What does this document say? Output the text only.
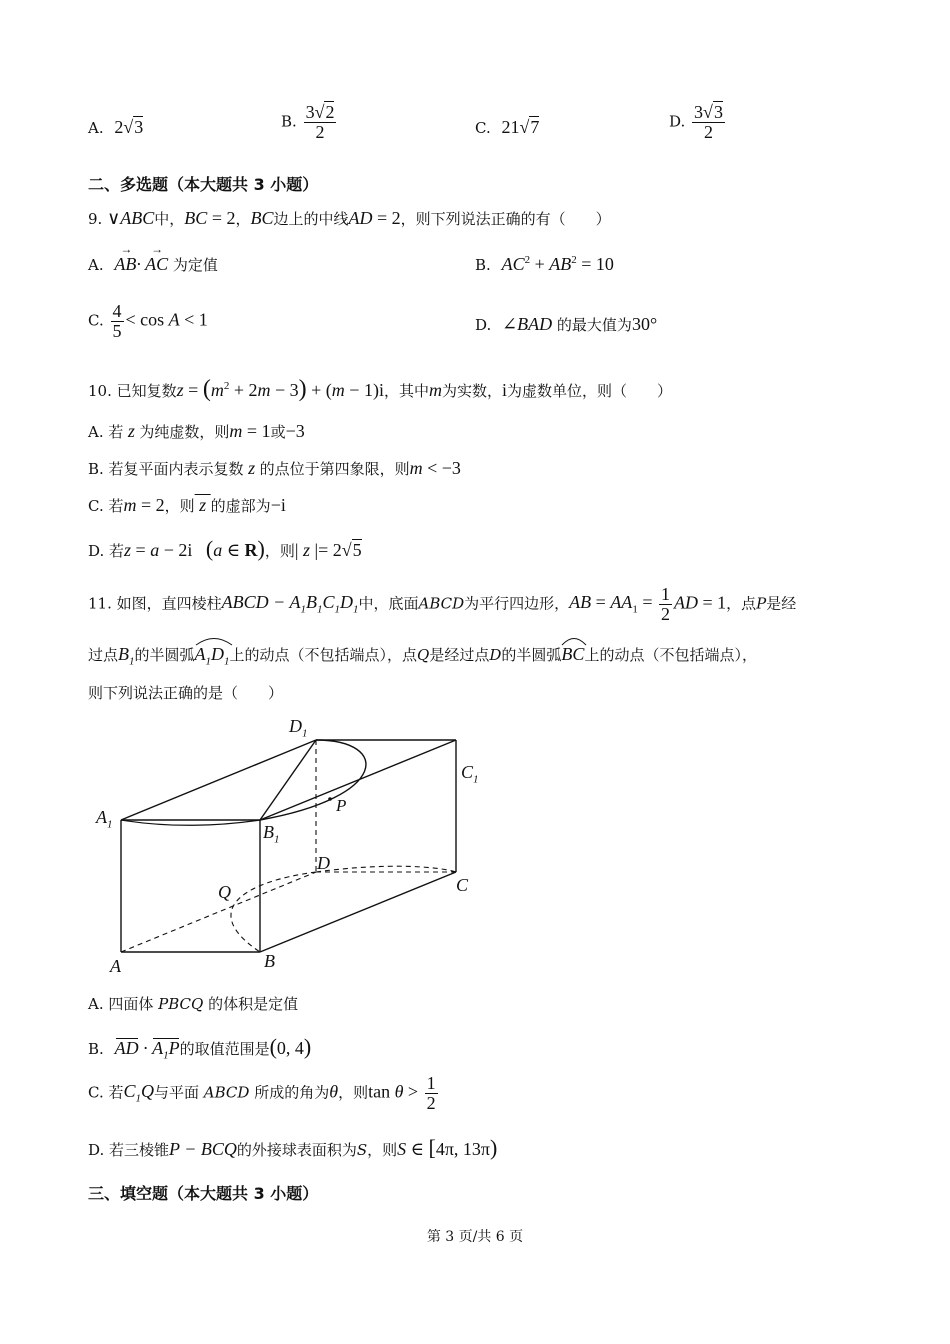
A. 2√3	B. $\frac{3√2}{2}$	C. 21√7	D. $\frac{3√3}{2}$
二、多选题（本大题共 3 小题）
9. ∨ABC中，BC = 2，BC边上的中线AD = 2，则下列说法正确的有（　　）
A. AB
→
· AC
→
为定值	B. $AC^2 + AB^2 = 10$
C. $\frac{4}{5} < \cos A < 1$	D. ∠BAD 的最大值为30°
10. 已知复数$z = (m^2 + 2m - 3) + (m - 1)i$，其中m为实数，i为虚数单位，则（　　）
A. 若 z 为纯虚数，则m = 1或−3
B. 若复平面内表示复数 z 的点位于第四象限，则m < −3
C. 若m = 2，则 z 的虚部为−i
D. 若z = a − 2i   (a ∈ R)，则| z |= 2√5
11. 如图，直四棱柱ABCD − $A_1B_1C_1D_1$中，底面ABCD为平行四边形，AB = $AA_1 = \frac{1}{2}$ AD = 1，点P是经
过点$B_1$的半圆弧$A_1D_1$
上的动点（不包括端点），点Q是经过点D的半圆弧BC
上的动点（不包括端点），
则下列说法正确的是（　　）
$D_1$
$C_1$
P
$A_1$	$B_1$
D
C
Q
A	B
A. 四面体 PBCQ 的体积是定值
B. AD · $A_1P$的取值范围是(0, 4)
C. 若$C_1Q$与平面 ABCD 所成的角为θ，则$\tan \theta > \frac{1}{2}$
D. 若三棱锥P − BCQ的外接球表面积为S，则S ∈ [4π, 13π)
三、填空题（本大题共 3 小题）
第 3 页/共 6 页
